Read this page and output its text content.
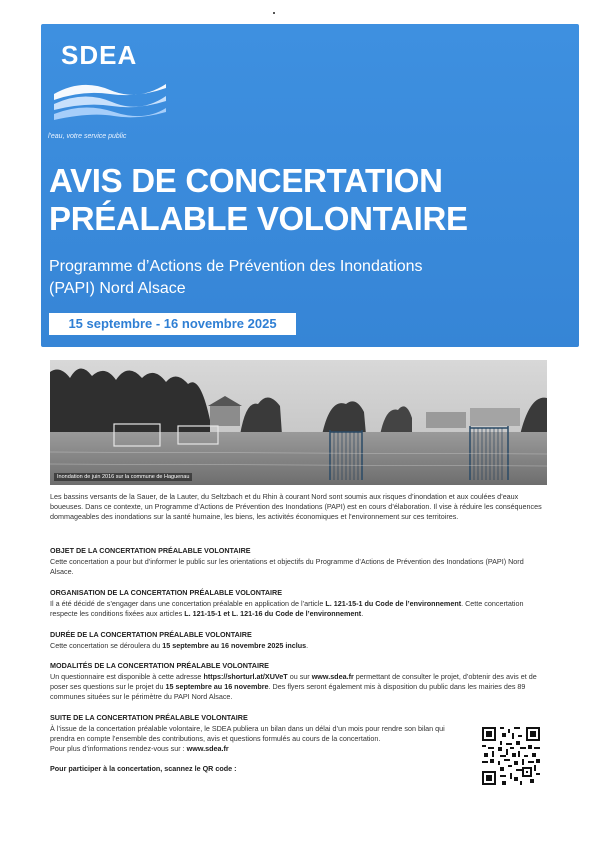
SDEA
l'eau, votre service public
AVIS DE CONCERTATION
PRÉALABLE VOLONTAIRE
Programme d’Actions de Prévention des Inondations
(PAPI) Nord Alsace
15 septembre - 16 novembre 2025
Inondation de juin 2016 sur la commune de Haguenau

Les bassins versants de la Sauer, de la Lauter, du Seltzbach et du Rhin à courant Nord sont soumis aux risques d’inondation et aux coulées d’eaux boueuses. Dans ce contexte, un Programme d’Actions de Prévention des Inondations (PAPI) est en cours d’élaboration. Il vise à réduire les conséquences dommageables des inondations sur la santé humaine, les biens, les activités économiques et l’environnement sur ces territoires.

OBJET DE LA CONCERTATION PRÉALABLE VOLONTAIRE

Cette concertation a pour but d’informer le public sur les orientations et objectifs du Programme d’Actions de Prévention des Inondations (PAPI) Nord Alsace.

ORGANISATION DE LA CONCERTATION PRÉALABLE VOLONTAIRE

Il a été décidé de s’engager dans une concertation préalable en application de l’article L. 121-15-1 du Code de l’environnement. Cette concertation respecte les conditions fixées aux articles L. 121-15-1 et L. 121-16 du Code de l’environnement.

DURÉE DE LA CONCERTATION PRÉALABLE VOLONTAIRE

Cette concertation se déroulera du 15 septembre au 16 novembre 2025 inclus.

MODALITÉS DE LA CONCERTATION PRÉALABLE VOLONTAIRE

Un questionnaire est disponible à cette adresse https://shorturl.at/XUVeT ou sur www.sdea.fr permettant de consulter le projet, d’obtenir des avis et de poser ses questions sur le projet du 15 septembre au 16 novembre. Des flyers seront également mis à disposition du public dans les mairies des 89 communes situées sur le périmètre du PAPI Nord Alsace.

SUITE DE LA CONCERTATION PRÉALABLE VOLONTAIRE

À l’issue de la concertation préalable volontaire, le SDEA publiera un bilan dans un délai d’un mois pour rendre son bilan qui prendra en compte l’ensemble des contributions, avis et questions formulés au cours de la concertation.

Pour plus d’informations rendez-vous sur : www.sdea.fr

Pour participer à la concertation, scannez le QR code :
